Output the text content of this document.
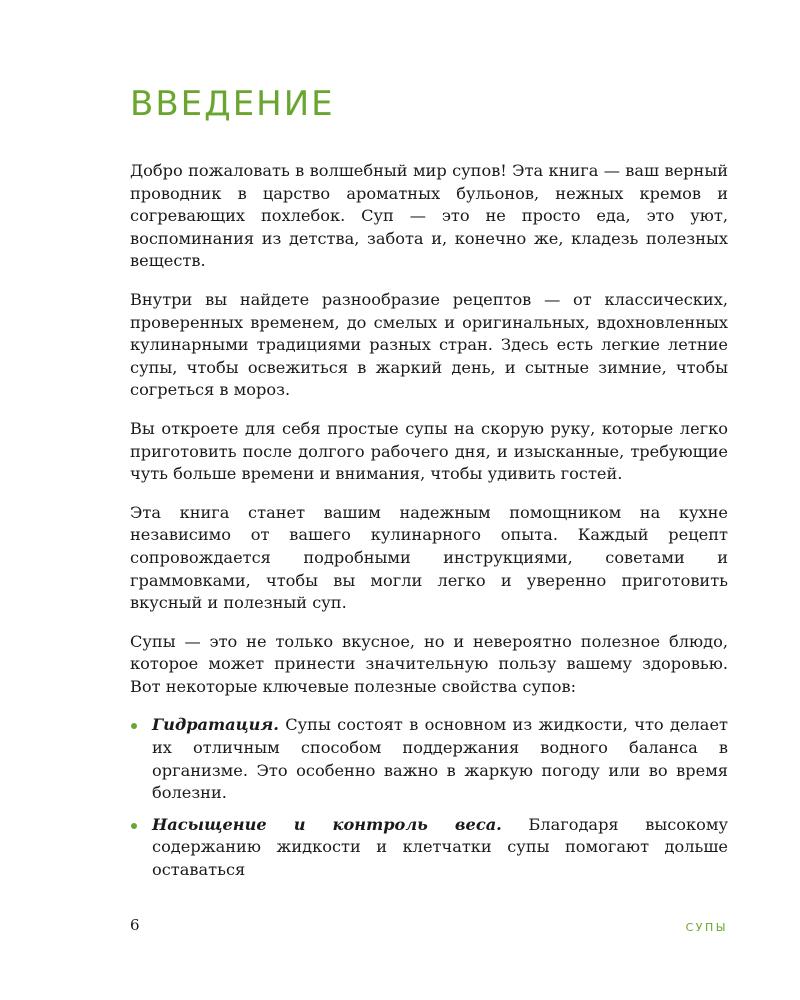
ВВЕДЕНИЕ

Добро пожаловать в волшебный мир супов! Эта книга — ваш верный проводник в царство ароматных бульонов, нежных кремов и согревающих похлебок. Суп — это не просто еда, это уют, воспоминания из детства, забота и, конечно же, кладезь полезных веществ.

Внутри вы найдете разнообразие рецептов — от классических, проверенных временем, до смелых и оригинальных, вдохновленных кулинарными традициями разных стран. Здесь есть легкие летние супы, чтобы освежиться в жаркий день, и сытные зимние, чтобы согреться в мороз.

Вы откроете для себя простые супы на скорую руку, которые легко приготовить после долгого рабочего дня, и изысканные, требующие чуть больше времени и внимания, чтобы удивить гостей.

Эта книга станет вашим надежным помощником на кухне независимо от вашего кулинарного опыта. Каждый рецепт сопровождается подробными инструкциями, советами и граммовками, чтобы вы могли легко и уверенно приготовить вкусный и полезный суп.

Супы — это не только вкусное, но и невероятно полезное блюдо, которое может принести значительную пользу вашему здоровью. Вот некоторые ключевые полезные свойства супов:

Гидратация. Супы состоят в основном из жидкости, что делает их отличным способом поддержания водного баланса в организме. Это особенно важно в жаркую погоду или во время болезни.
Насыщение и контроль веса. Благодаря высокому содержанию жидкости и клетчатки супы помогают дольше оставаться
6	СУПЫ
